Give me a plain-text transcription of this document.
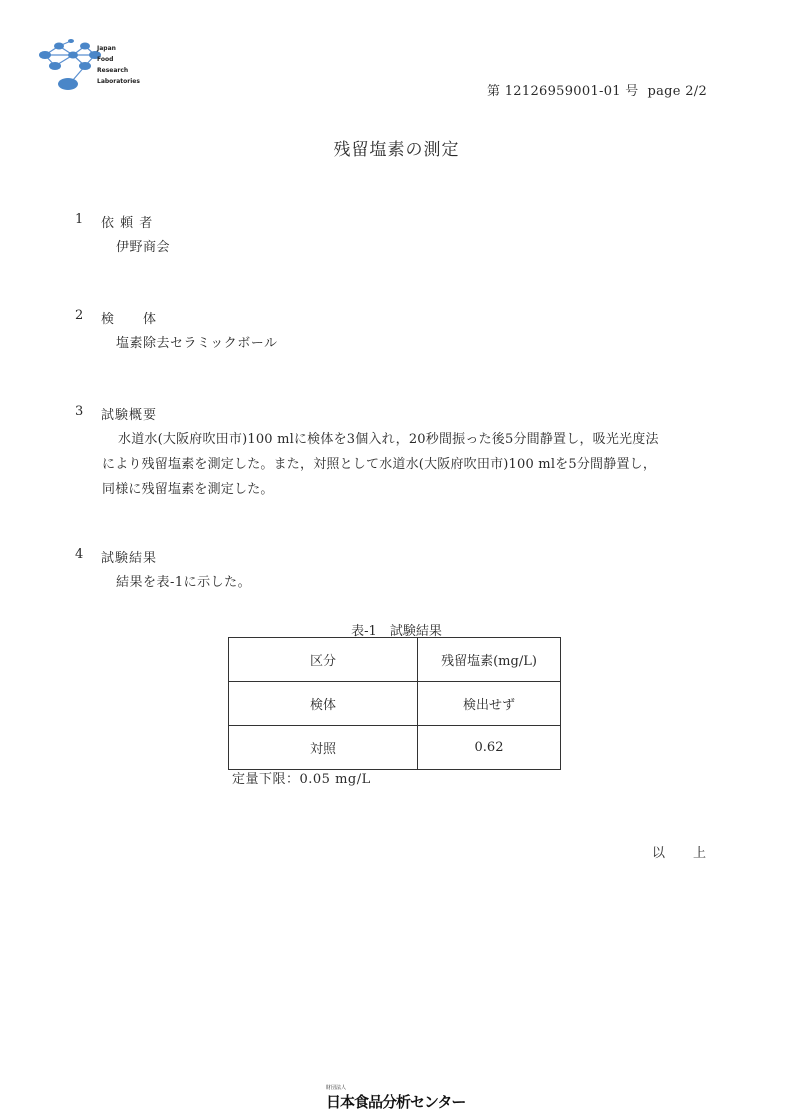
Japan
Food
Research
Laboratories
第 12126959001-01 号 page 2/2
残留塩素の測定
1 依 頼 者
伊野商会
2 検　　体
塩素除去セラミックボール
3 試験概要
水道水(大阪府吹田市)100 mlに検体を3個入れ，20秒間振った後5分間静置し，吸光光度法
により残留塩素を測定した。また，対照として水道水(大阪府吹田市)100 mlを5分間静置し，
同様に残留塩素を測定した。
4 試験結果
結果を表-1に示した。
表-1　試験結果
区分	残留塩素(mg/L)
検体	検出せず
対照	0.62
定量下限：0.05 mg/L
以上
財団法人
日本食品分析センター
